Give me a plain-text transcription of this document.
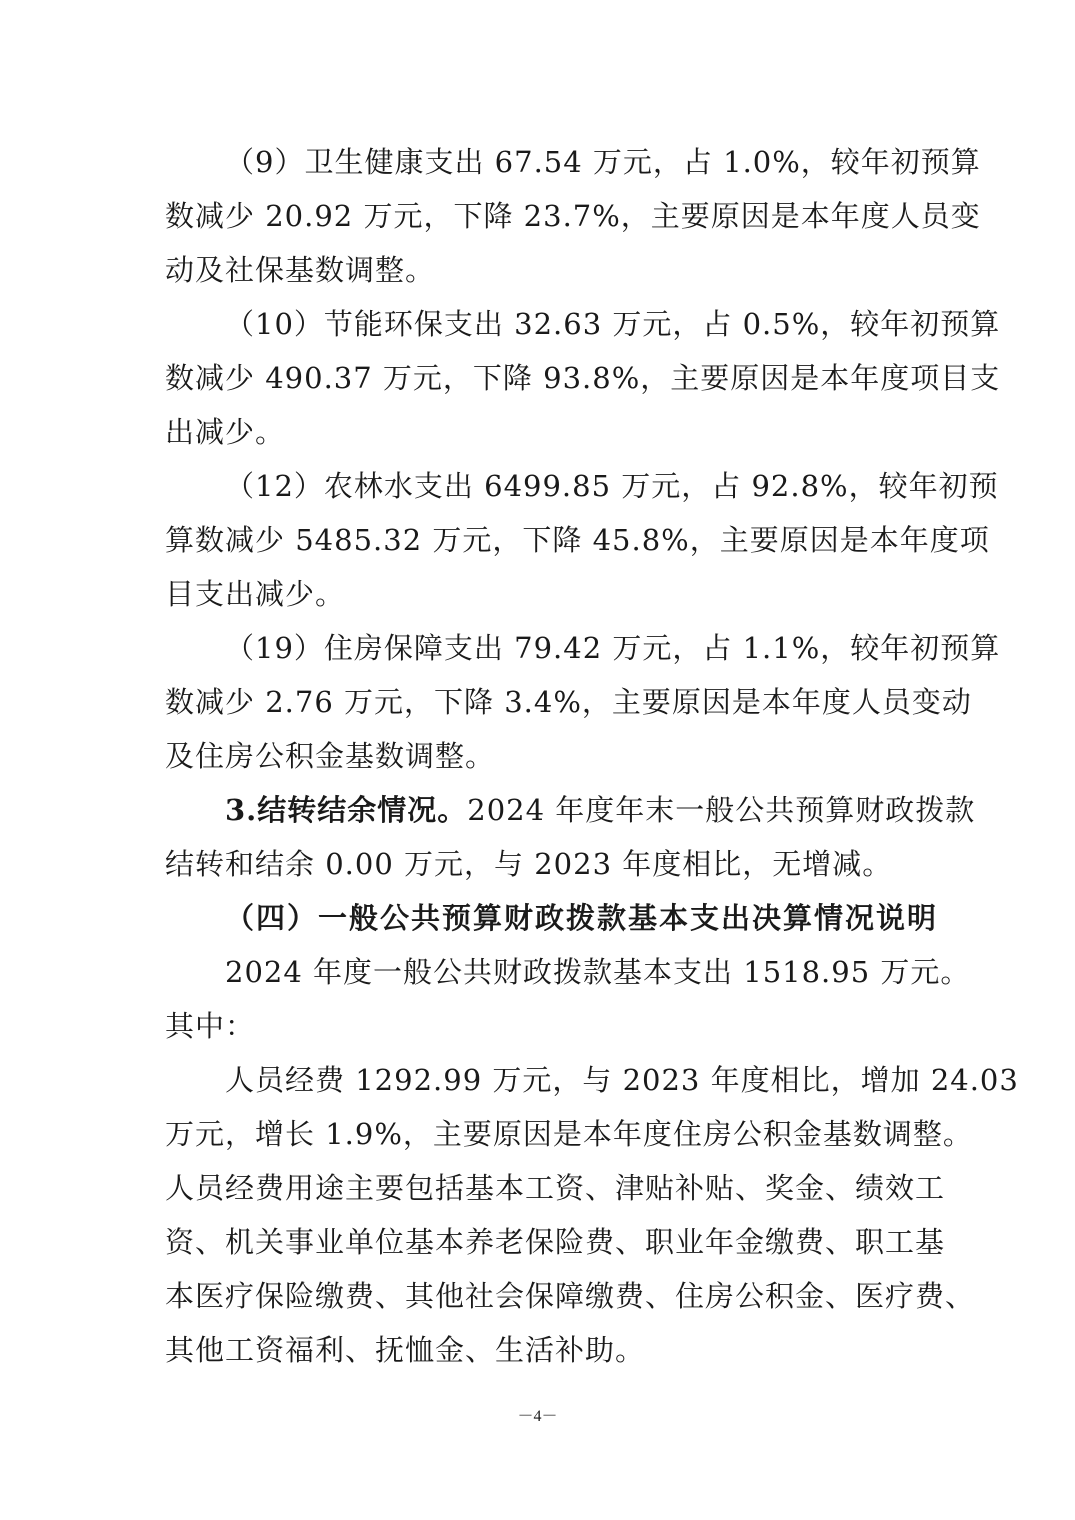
（9）卫生健康支出 67.54 万元，占 1.0%，较年初预算
数减少 20.92 万元，下降 23.7%，主要原因是本年度人员变
动及社保基数调整。
（10）节能环保支出 32.63 万元，占 0.5%，较年初预算
数减少 490.37 万元，下降 93.8%，主要原因是本年度项目支
出减少。
（12）农林水支出 6499.85 万元，占 92.8%，较年初预
算数减少 5485.32 万元，下降 45.8%，主要原因是本年度项
目支出减少。
（19）住房保障支出 79.42 万元，占 1.1%，较年初预算
数减少 2.76 万元，下降 3.4%，主要原因是本年度人员变动
及住房公积金基数调整。
3.结转结余情况。2024 年度年末一般公共预算财政拨款
结转和结余 0.00 万元，与 2023 年度相比，无增减。
（四）一般公共预算财政拨款基本支出决算情况说明
2024 年度一般公共财政拨款基本支出 1518.95 万元。
其中：
人员经费 1292.99 万元，与 2023 年度相比，增加 24.03
万元，增长 1.9%，主要原因是本年度住房公积金基数调整。
人员经费用途主要包括基本工资、津贴补贴、奖金、绩效工
资、机关事业单位基本养老保险费、职业年金缴费、职工基
本医疗保险缴费、其他社会保障缴费、住房公积金、医疗费、
其他工资福利、抚恤金、生活补助。
－4－
